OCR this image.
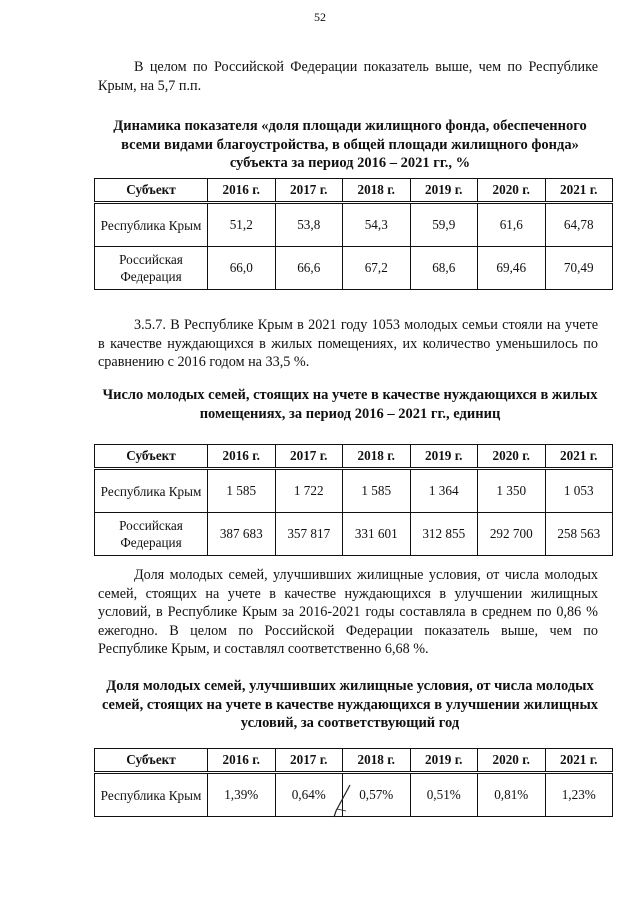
52

В целом по Российской Федерации показатель выше, чем по Республике Крым, на 5,7 п.п.

Динамика показателя «доля площади жилищного фонда, обеспеченного всеми видами благоустройства, в общей площади жилищного фонда» субъекта за период 2016 – 2021 гг., %

Субъект	2016 г.	2017 г.	2018 г.	2019 г.	2020 г.	2021 г.
Республика Крым	51,2	53,8	54,3	59,9	61,6	64,78
Российская Федерация	66,0	66,6	67,2	68,6	69,46	70,49

3.5.7. В Республике Крым в 2021 году 1053 молодых семьи стояли на учете в качестве нуждающихся в жилых помещениях, их количество уменьшилось по сравнению с 2016 годом на 33,5 %.

Число молодых семей, стоящих на учете в качестве нуждающихся в жилых помещениях, за период 2016 – 2021 гг., единиц

Субъект	2016 г.	2017 г.	2018 г.	2019 г.	2020 г.	2021 г.
Республика Крым	1 585	1 722	1 585	1 364	1 350	1 053
Российская Федерация	387 683	357 817	331 601	312 855	292 700	258 563

Доля молодых семей, улучшивших жилищные условия, от числа молодых семей, стоящих на учете в качестве нуждающихся в улучшении жилищных условий, в Республике Крым за 2016-2021 годы составляла в среднем по 0,86 % ежегодно. В целом по Российской Федерации показатель выше, чем по Республике Крым, и составлял соответственно 6,68 %.

Доля молодых семей, улучшивших жилищные условия, от числа молодых семей, стоящих на учете в качестве нуждающихся в улучшении жилищных условий, за соответствующий год

Субъект	2016 г.	2017 г.	2018 г.	2019 г.	2020 г.	2021 г.
Республика Крым	1,39%	0,64%	0,57%	0,51%	0,81%	1,23%
